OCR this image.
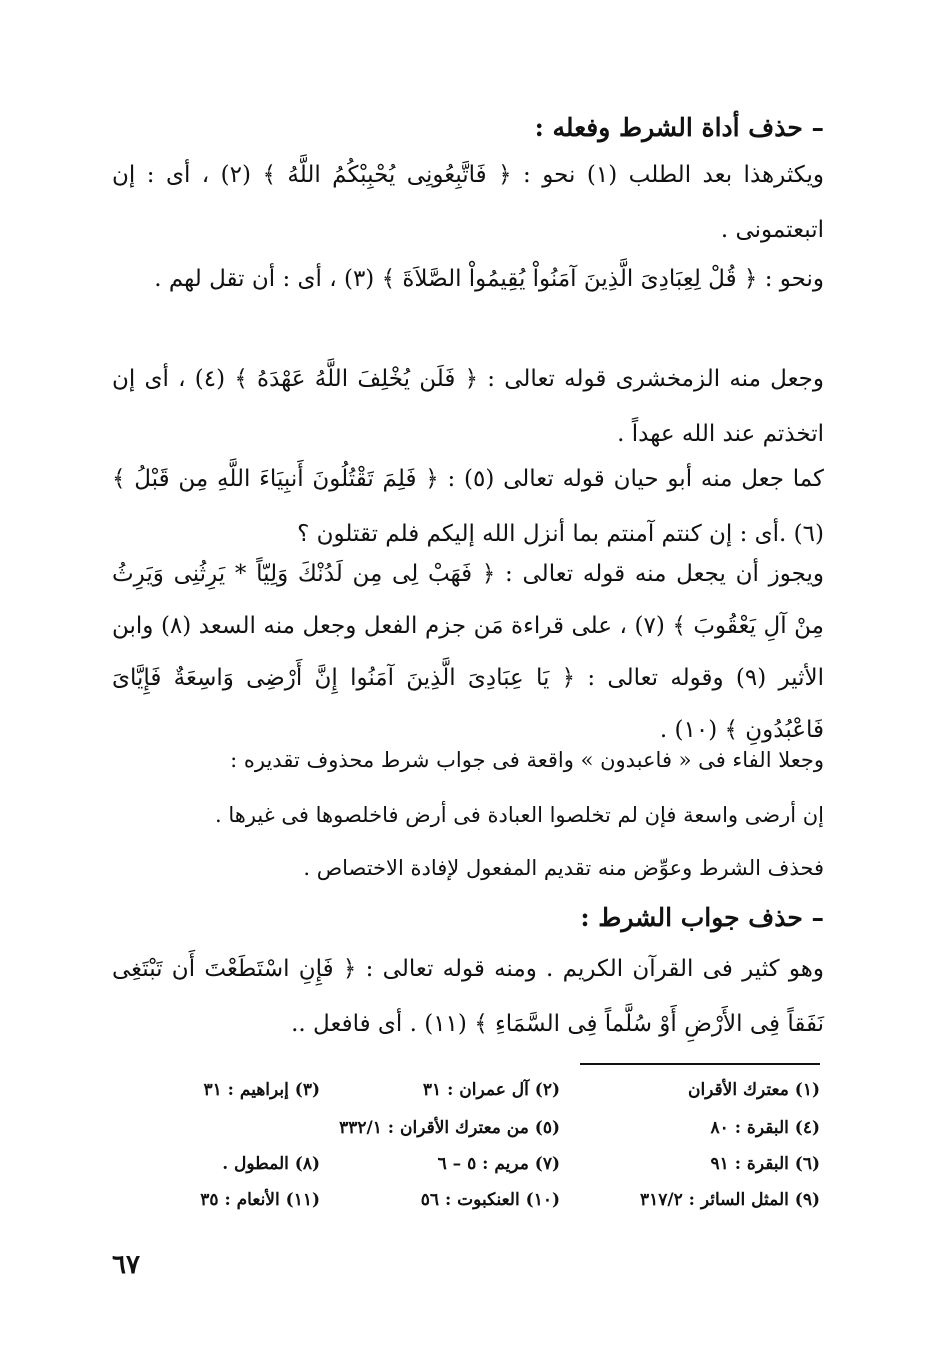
– حذف أداة الشرط وفعله :
ويكثرهذا بعد الطلب (١) نحو : ﴿ فَاتَّبِعُونِى يُحْبِبْكُمُ اللَّهُ ﴾ (٢) ، أى : إن اتبعتمونى .
ونحو : ﴿ قُلْ لِعِبَادِىَ الَّذِينَ آمَنُواْ يُقِيمُواْ الصَّلاَةَ ﴾ (٣) ، أى : أن تقل لهم .
وجعل منه الزمخشرى قوله تعالى : ﴿ فَلَن يُخْلِفَ اللَّهُ عَهْدَهُ ﴾ (٤) ، أى إن اتخذتم عند الله عهداً .
كما جعل منه أبو حيان قوله تعالى (٥) : ﴿ فَلِمَ تَقْتُلُونَ أَنبِيَاءَ اللَّهِ مِن قَبْلُ ﴾ (٦) .أى : إن كنتم آمنتم بما أنزل الله إليكم فلم تقتلون ؟
ويجوز أن يجعل منه قوله تعالى : ﴿ فَهَبْ لِى مِن لَدُنْكَ وَلِيّاً * يَرِثُنِى وَيَرِثُ مِنْ آلِ يَعْقُوبَ ﴾ (٧) ، على قراءة مَن جزم الفعل وجعل منه السعد (٨) وابن الأثير (٩) وقوله تعالى : ﴿ يَا عِبَادِىَ الَّذِينَ آمَنُوا إِنَّ أَرْضِى وَاسِعَةٌ فَإِيَّاىَ فَاعْبُدُونِ ﴾ (١٠) .
وجعلا الفاء فى « فاعبدون » واقعة فى جواب شرط محذوف تقديره :
إن أرضى واسعة فإن لم تخلصوا العبادة فى أرض فاخلصوها فى غيرها .
فحذف الشرط وعوِّض منه تقديم المفعول لإفادة الاختصاص .
– حذف جواب الشرط :
وهو كثير فى القرآن الكريم . ومنه قوله تعالى : ﴿ فَإِنِ اسْتَطَعْتَ أَن تَبْتَغِى نَفَقاً فِى الأَرْضِ أَوْ سُلَّماً فِى السَّمَاءِ ﴾ (١١) . أى فافعل ..
(١) معترك الأقران
(٢) آل عمران : ٣١
(٣) إبراهيم : ٣١
(٤) البقرة : ٨٠
(٥) من معترك الأقران : ٣٣٢/١
(٦) البقرة : ٩١
(٧) مريم : ٥ – ٦
(٨) المطول .
(٩) المثل السائر : ٣١٧/٢
(١٠) العنكبوت : ٥٦
(١١) الأنعام : ٣٥
٦٧
